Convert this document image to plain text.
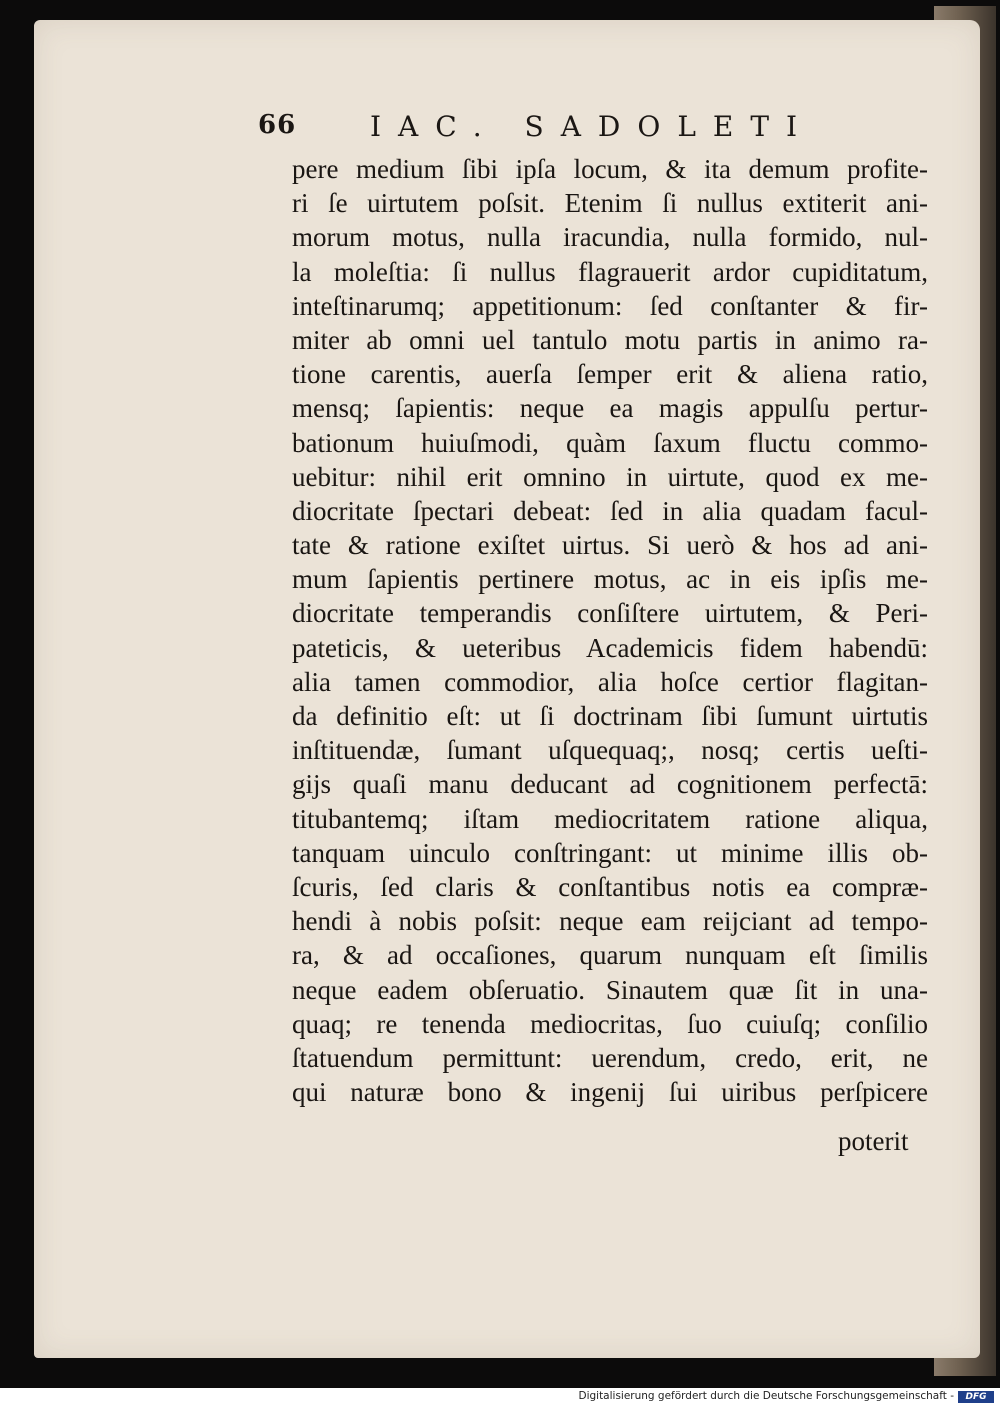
66	IAC. SADOLETI
pere medium ſibi ipſa locum, & ita demum profite-
ri ſe uirtutem poſsit. Etenim ſi nullus extiterit ani-
morum motus, nulla iracundia, nulla formido, nul-
la moleſtia: ſi nullus flagrauerit ardor cupiditatum,
inteſtinarumq; appetitionum: ſed conſtanter & fir-
miter ab omni uel tantulo motu partis in animo ra-
tione carentis, auerſa ſemper erit & aliena ratio,
mensq; ſapientis: neque ea magis appulſu pertur-
bationum huiuſmodi, quàm ſaxum fluctu commo-
uebitur: nihil erit omnino in uirtute, quod ex me-
diocritate ſpectari debeat: ſed in alia quadam facul-
tate & ratione exiſtet uirtus. Si uerò & hos ad ani-
mum ſapientis pertinere motus, ac in eis ipſis me-
diocritate temperandis conſiſtere uirtutem, & Peri-
pateticis, & ueteribus Academicis fidem habendū:
alia tamen commodior, alia hoſce certior flagitan-
da definitio eſt: ut ſi doctrinam ſibi ſumunt uirtutis
inſtituendæ, ſumant uſquequaq;, nosq; certis ueſti-
gijs quaſi manu deducant ad cognitionem perfectā:
titubantemq; iſtam mediocritatem ratione aliqua,
tanquam uinculo conſtringant: ut minime illis ob-
ſcuris, ſed claris & conſtantibus notis ea compræ-
hendi à nobis poſsit: neque eam reijciant ad tempo-
ra, & ad occaſiones, quarum nunquam eſt ſimilis
neque eadem obſeruatio. Sinautem quæ ſit in una-
quaq; re tenenda mediocritas, ſuo cuiuſq; conſilio
ſtatuendum permittunt: uerendum, credo, erit, ne
qui naturæ bono & ingenij ſui uiribus perſpicere
poterit
Digitalisierung gefördert durch die Deutsche Forschungsgemeinschaft -	DFG
